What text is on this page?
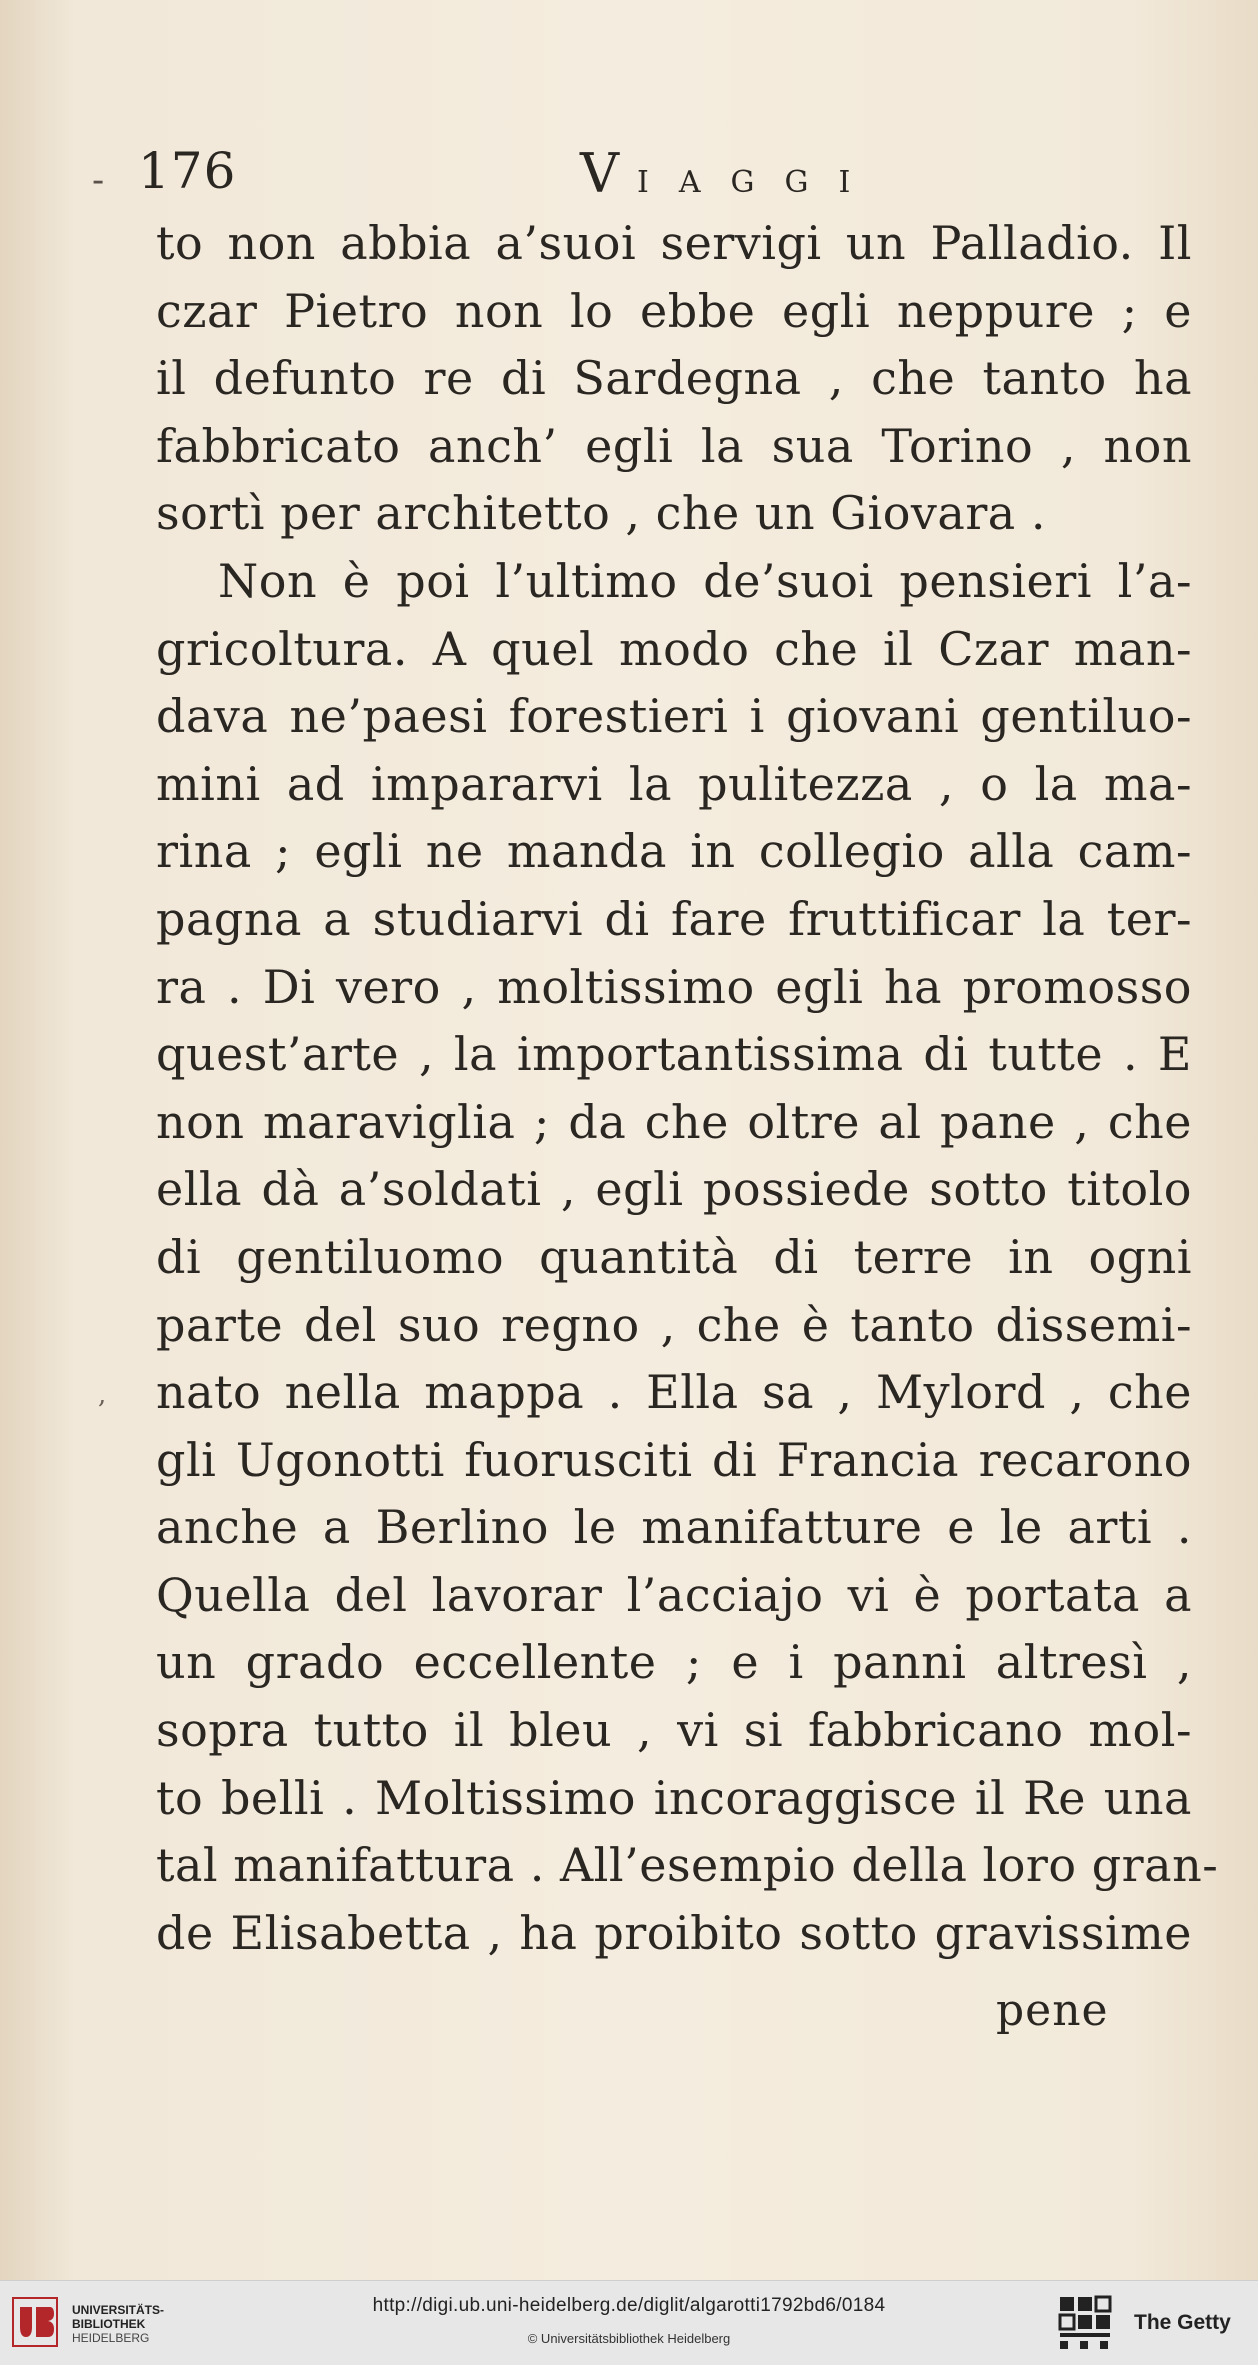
- 176	VIAGGI
to non abbia a’suoi servigi un Palladio. Il
czar Pietro non lo ebbe egli neppure ; e
il defunto re di Sardegna , che tanto ha
fabbricato anch’ egli la sua Torino , non
sortì per architetto , che un Giovara .
Non è poi l’ultimo de’suoi pensieri l’a-
gricoltura. A quel modo che il Czar man-
dava ne’paesi forestieri i giovani gentiluo-
mini ad impararvi la pulitezza , o la ma-
rina ; egli ne manda in collegio alla cam-
pagna a studiarvi di fare fruttificar la ter-
ra . Di vero , moltissimo egli ha promosso
quest’arte , la importantissima di tutte . E
non maraviglia ; da che oltre al pane , che
ella dà a’soldati , egli possiede sotto titolo
di gentiluomo quantità di terre in ogni
parte del suo regno , che è tanto dissemi-
nato nella mappa . Ella sa , Mylord , che
gli Ugonotti fuorusciti di Francia recarono
anche a Berlino le manifatture e le arti .
Quella del lavorar l’acciajo vi è portata a
un grado eccellente ; e i panni altresì ,
sopra tutto il bleu , vi si fabbricano mol-
to belli . Moltissimo incoraggisce il Re una
tal manifattura . All’esempio della loro gran-
de Elisabetta , ha proibito sotto gravissime
pene
,
UNIVERSITÄTS-
BIBLIOTHEK
HEIDELBERG
http://digi.ub.uni-heidelberg.de/diglit/algarotti1792bd6/0184
© Universitätsbibliothek Heidelberg
The Getty
